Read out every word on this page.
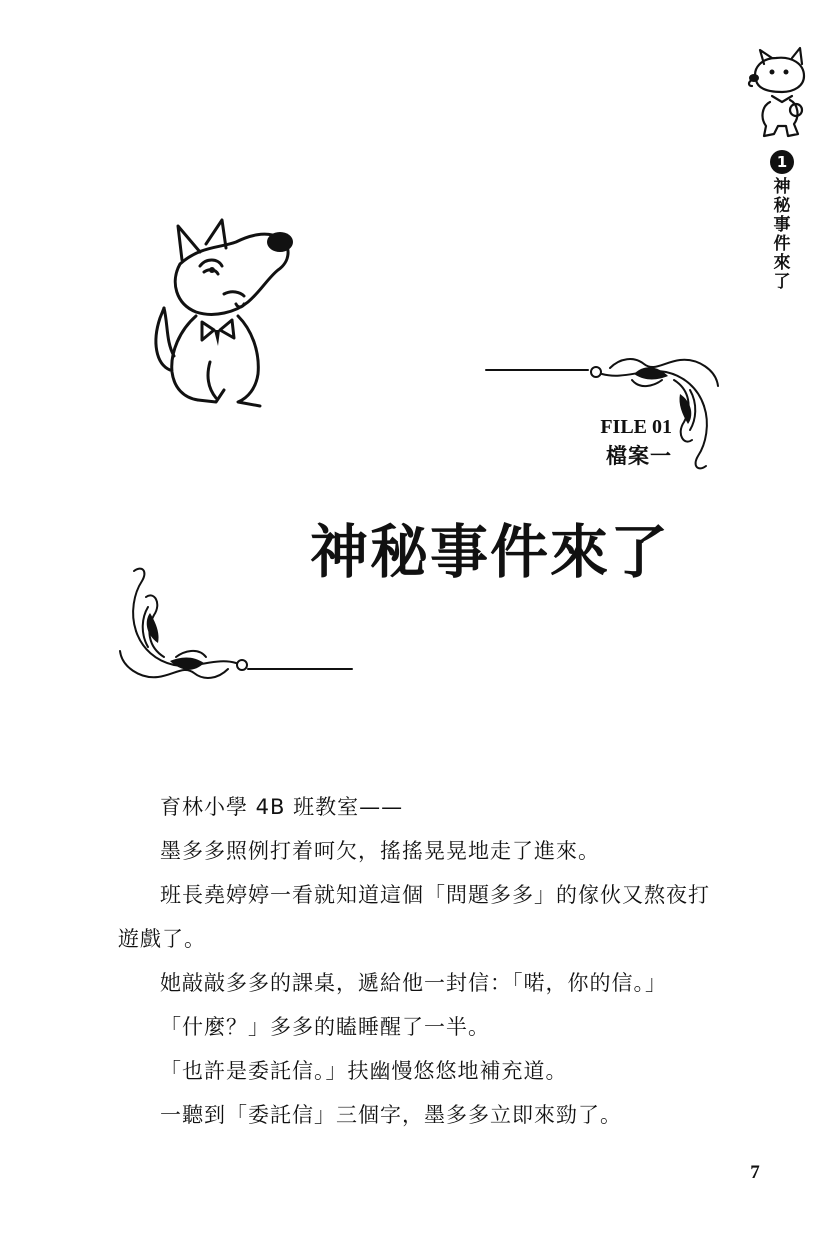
1
神
秘
事
件
來
了
FILE 01
檔案一
神秘事件來了

育林小學 4B 班教室——

墨多多照例打着呵欠，搖搖晃晃地走了進來。

班長堯婷婷一看就知道這個「問題多多」的傢伙又熬夜打遊戲了。

她敲敲多多的課桌，遞給他一封信：「喏，你的信。」

「什麼？」多多的瞌睡醒了一半。

「也許是委託信。」扶幽慢悠悠地補充道。

一聽到「委託信」三個字，墨多多立即來勁了。

7
